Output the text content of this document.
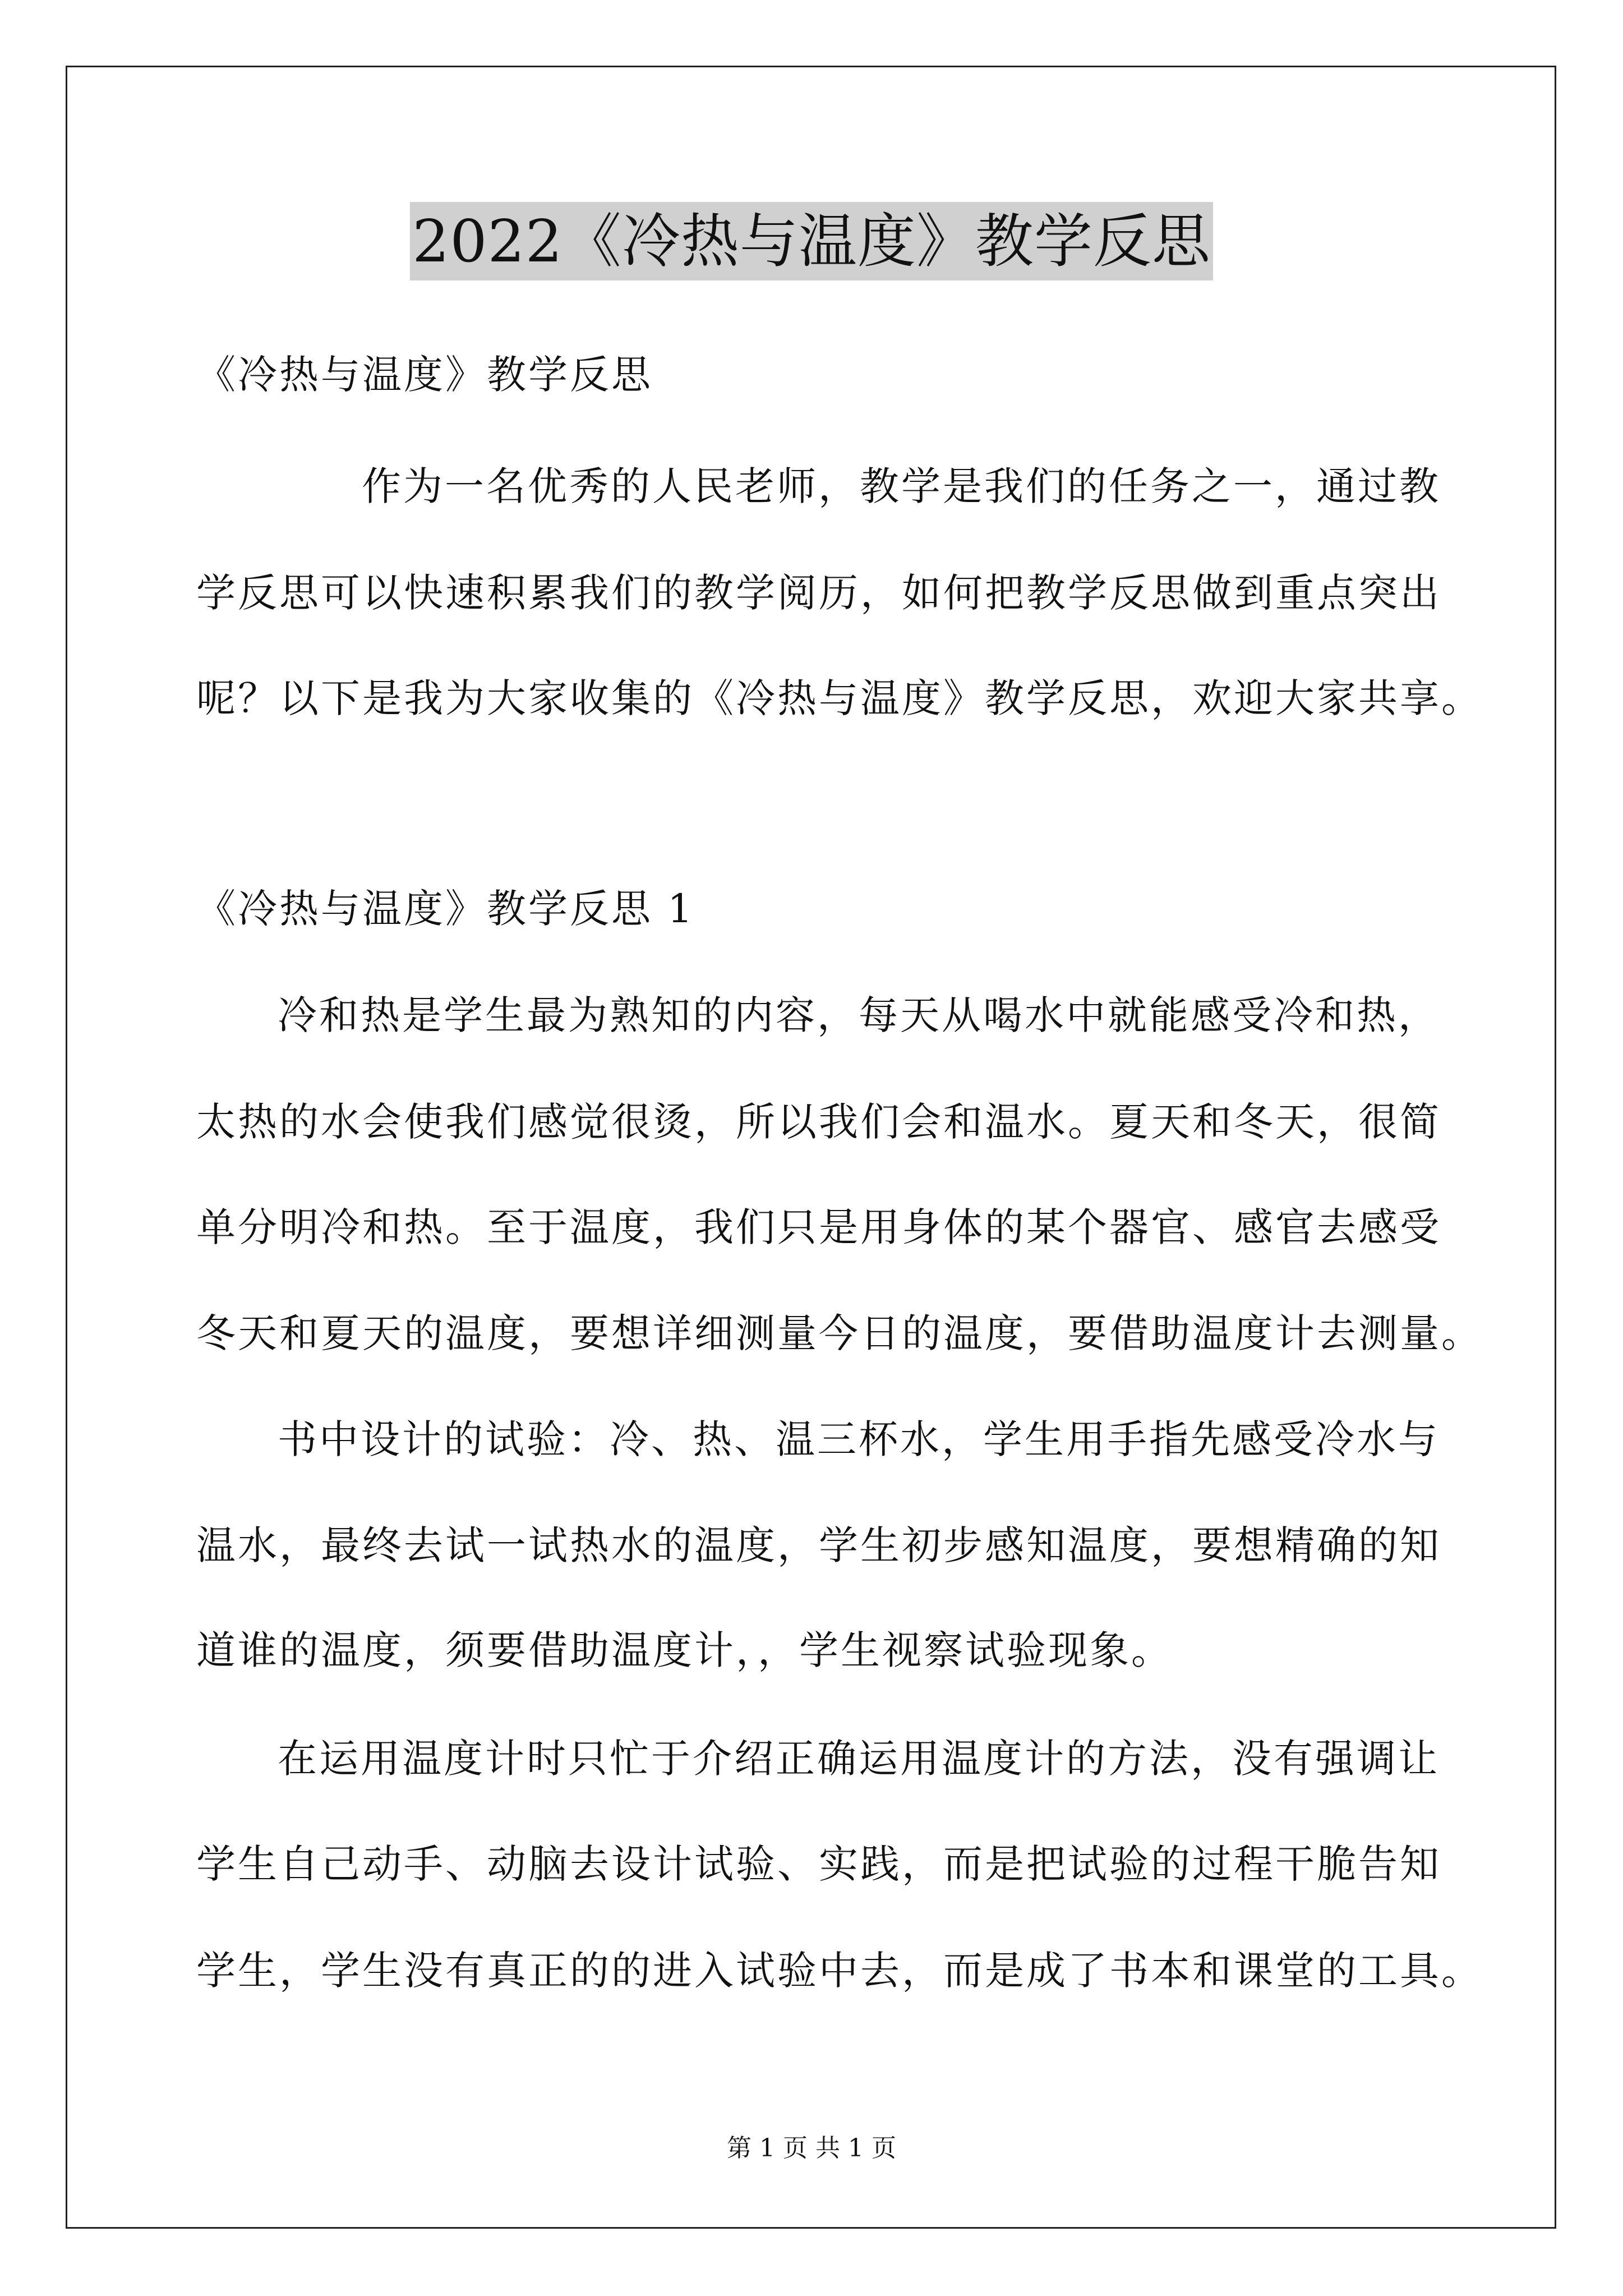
2022《冷热与温度》教学反思
《冷热与温度》教学反思
作为一名优秀的人民老师，教学是我们的任务之一，通过教
学反思可以快速积累我们的教学阅历，如何把教学反思做到重点突出
呢？以下是我为大家收集的《冷热与温度》教学反思，欢迎大家共享。
《冷热与温度》教学反思 1
冷和热是学生最为熟知的内容，每天从喝水中就能感受冷和热，
太热的水会使我们感觉很烫，所以我们会和温水。夏天和冬天，很简
单分明冷和热。至于温度，我们只是用身体的某个器官、感官去感受
冬天和夏天的温度，要想详细测量今日的温度，要借助温度计去测量。
书中设计的试验：冷、热、温三杯水，学生用手指先感受冷水与
温水，最终去试一试热水的温度，学生初步感知温度，要想精确的知
道谁的温度，须要借助温度计，，学生视察试验现象。
在运用温度计时只忙于介绍正确运用温度计的方法，没有强调让
学生自己动手、动脑去设计试验、实践，而是把试验的过程干脆告知
学生，学生没有真正的的进入试验中去，而是成了书本和课堂的工具。
第 1 页 共 1 页
